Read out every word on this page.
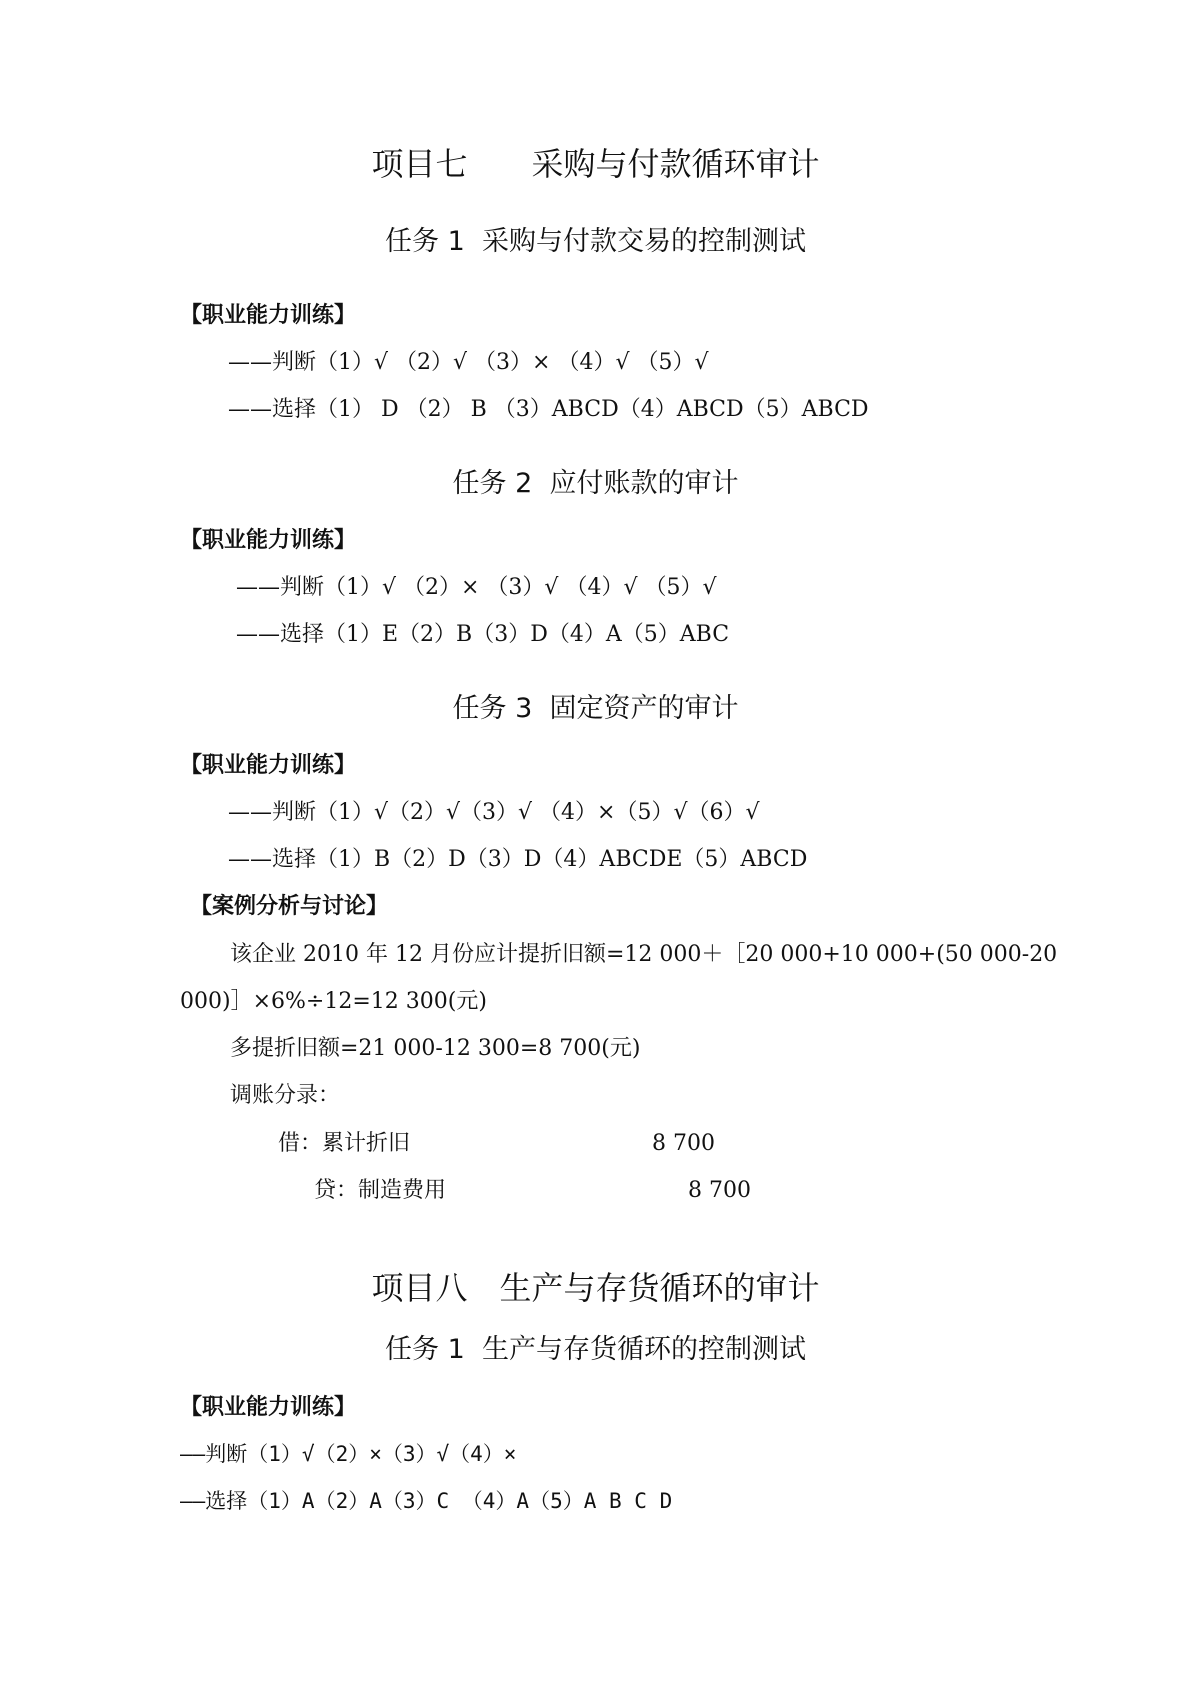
项目七　　采购与付款循环审计
任务 1  采购与付款交易的控制测试
【职业能力训练】
——判断（1）√ （2）√ （3）× （4）√ （5）√
——选择（1） D （2） B （3）ABCD（4）ABCD（5）ABCD
任务 2  应付账款的审计
【职业能力训练】
——判断（1）√ （2）× （3）√ （4）√ （5）√
——选择（1）E（2）B（3）D（4）A（5）ABC
任务 3  固定资产的审计
【职业能力训练】
——判断（1）√（2）√（3）√ （4）×（5）√（6）√
——选择（1）B（2）D（3）D（4）ABCDE（5）ABCD
【案例分析与讨论】
该企业 2010 年 12 月份应计提折旧额=12 000＋［20 000+10 000+(50 000-20
000)］×6%÷12=12 300(元)
多提折旧额=21 000-12 300=8 700(元)
调账分录：
借：累计折旧	8 700
贷：制造费用	8 700
项目八　生产与存货循环的审计
任务 1  生产与存货循环的控制测试
【职业能力训练】
——判断（1）√（2）×（3）√（4）×
——选择（1）A（2）A（3）C （4）A（5）A B C D
